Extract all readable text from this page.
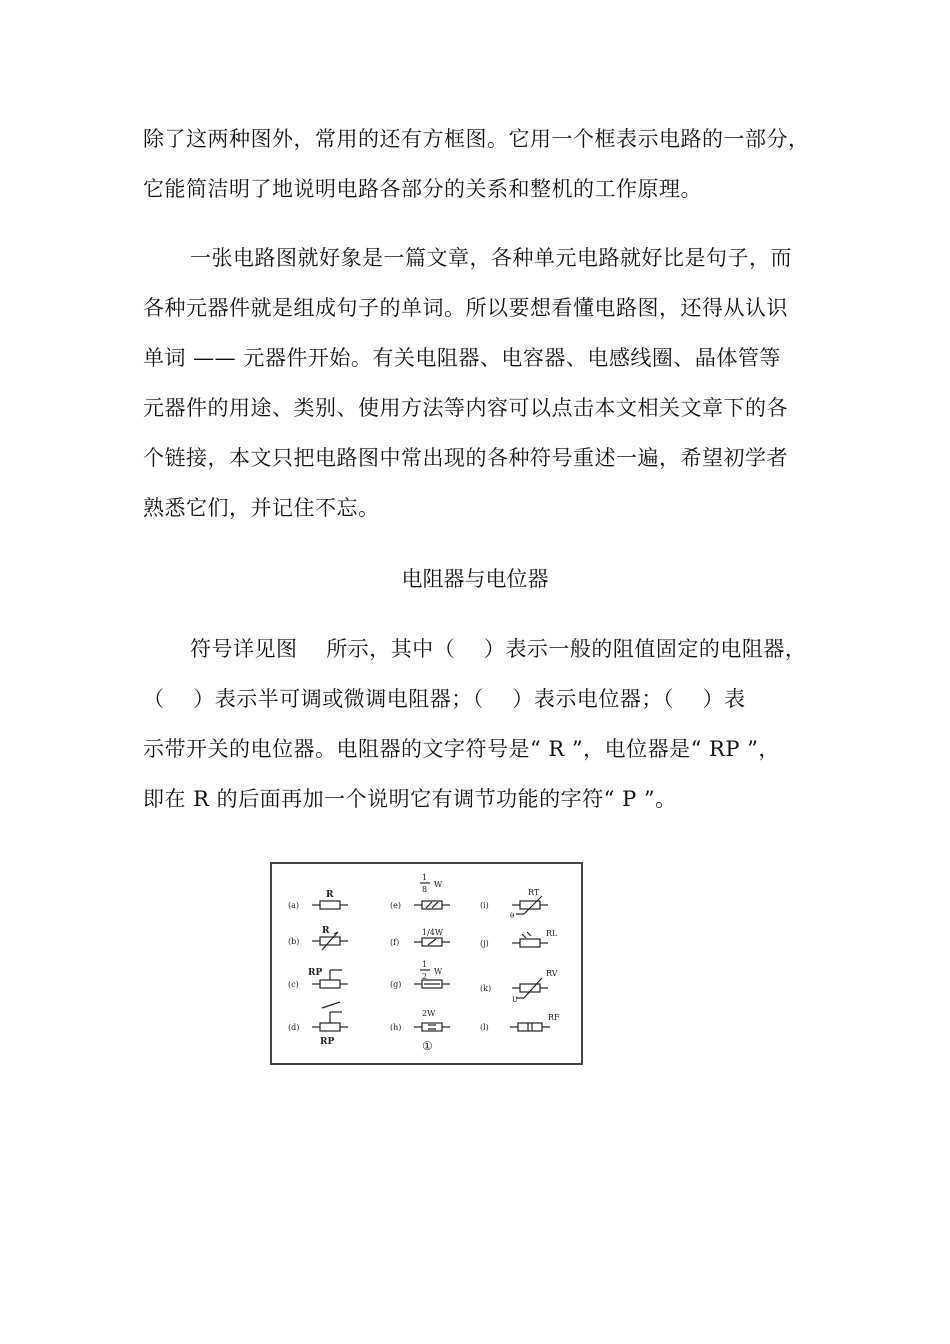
除了这两种图外，常用的还有方框图。它用一个框表示电路的一部分，
它能简洁明了地说明电路各部分的关系和整机的工作原理。
一张电路图就好象是一篇文章，各种单元电路就好比是句子，而
各种元器件就是组成句子的单词。所以要想看懂电路图，还得从认识
单词 —— 元器件开始。有关电阻器、电容器、电感线圈、晶体管等
元器件的用途、类别、使用方法等内容可以点击本文相关文章下的各
个链接，本文只把电路图中常出现的各种符号重述一遍，希望初学者
熟悉它们，并记住不忘。
电阻器与电位器
符号详见图    所示，其中（    ）表示一般的阻值固定的电阻器，
（    ）表示半可调或微调电阻器；（    ）表示电位器；（    ）表
示带开关的电位器。电阻器的文字符号是“ R ”，电位器是“ RP ”，
即在 R 的后面再加一个说明它有调节功能的字符“ P ”。
(a)
(b)
(c)
(d)
(e)
(f)
(g)
(h)
(i)
(j)
(k)
(l)
R
R
RP
RP
1
8
W
1/4W
1
2
W
2W
RT
θ
RL
RV
U
RF
①
